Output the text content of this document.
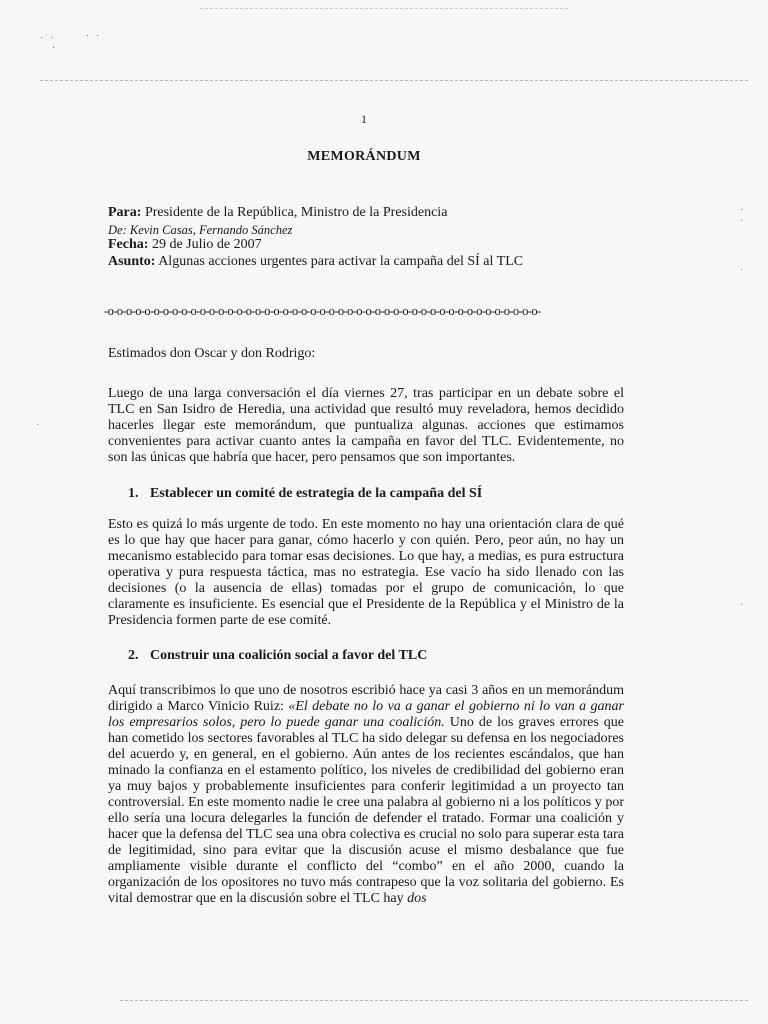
· ·
·
· ·
·
·
·
·
·
1
MEMORÁNDUM
Para: Presidente de la República, Ministro de la Presidencia
De: Kevin Casas, Fernando Sánchez
Fecha: 29 de Julio de 2007
Asunto: Algunas acciones urgentes para activar la campaña del SÍ al TLC
-o-o-o-o-o-o-o-o-o-o-o-o-o-o-o-o-o-o-o-o-o-o-o-o-o-o-o-o-o-o-o-o-o-o-o-o-o-o-o-o-o-o-o-o-o-o-o-
Estimados don Oscar y don Rodrigo:
Luego de una larga conversación el día viernes 27, tras participar en un debate sobre el TLC en San Isidro de Heredia, una actividad que resultó muy reveladora, hemos decidido hacerles llegar este memorándum, que puntualiza algunas. acciones que estimamos convenientes para activar cuanto antes la campaña en favor del TLC. Evidentemente, no son las únicas que habría que hacer, pero pensamos que son importantes.
1. Establecer un comité de estrategia de la campaña del SÍ
Esto es quizá lo más urgente de todo. En este momento no hay una orientación clara de qué es lo que hay que hacer para ganar, cómo hacerlo y con quién. Pero, peor aún, no hay un mecanismo establecido para tomar esas decisiones. Lo que hay, a medias, es pura estructura operativa y pura respuesta táctica, mas no estrategia. Ese vacío ha sido llenado con las decisiones (o la ausencia de ellas) tomadas por el grupo de comunicación, lo que claramente es insuficiente. Es esencial que el Presidente de la República y el Ministro de la Presidencia formen parte de ese comité.
2. Construir una coalición social a favor del TLC
Aquí transcribimos lo que uno de nosotros escribió hace ya casi 3 años en un memorándum dirigido a Marco Vinicio Ruiz: «El debate no lo va a ganar el gobierno ni lo van a ganar los empresarios solos, pero lo puede ganar una coalición. Uno de los graves errores que han cometido los sectores favorables al TLC ha sido delegar su defensa en los negociadores del acuerdo y, en general, en el gobierno. Aún antes de los recientes escándalos, que han minado la confianza en el estamento político, los niveles de credibilidad del gobierno eran ya muy bajos y probablemente insuficientes para conferir legitimidad a un proyecto tan controversial. En este momento nadie le cree una palabra al gobierno ni a los políticos y por ello sería una locura delegarles la función de defender el tratado. Formar una coalición y hacer que la defensa del TLC sea una obra colectiva es crucial no solo para superar esta tara de legitimidad, sino para evitar que la discusión acuse el mismo desbalance que fue ampliamente visible durante el conflicto del “combo” en el año 2000, cuando la organización de los opositores no tuvo más contrapeso que la voz solitaria del gobierno. Es vital demostrar que en la discusión sobre el TLC hay dos
